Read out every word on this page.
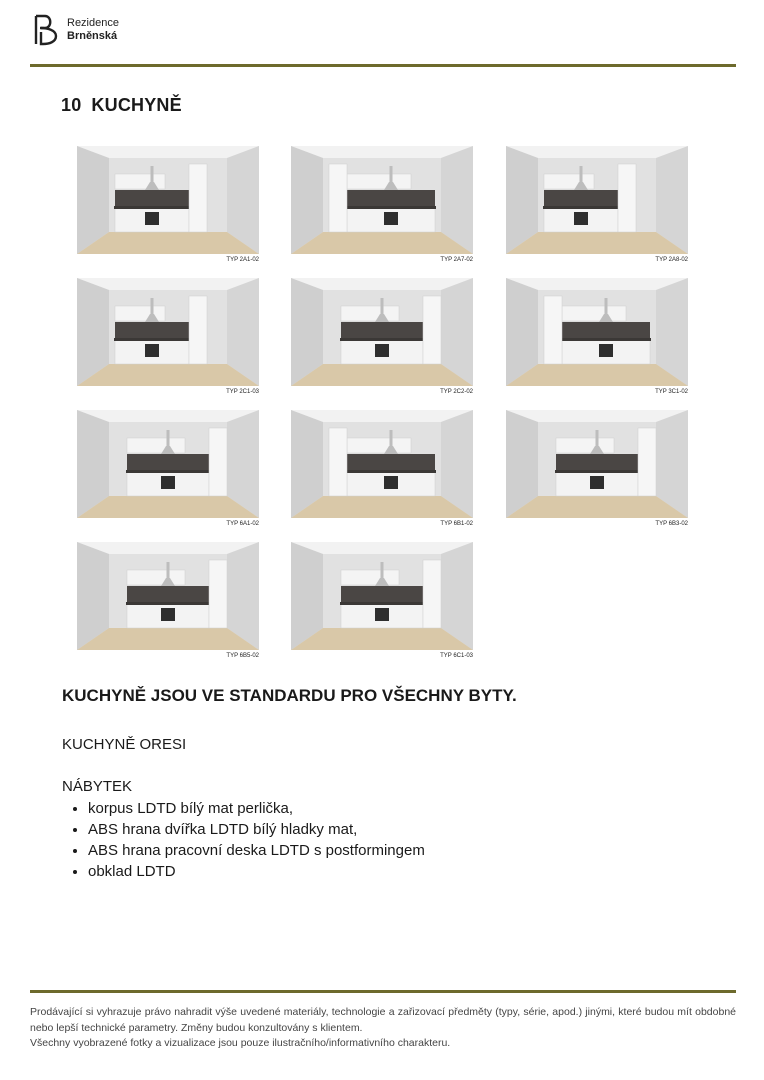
Rezidence
Brněnská
10 KUCHYNĚ
TYP 2A1-02	TYP 2A7-02	TYP 2A8-02
TYP 2C1-03	TYP 2C2-02	TYP 3C1-02
TYP 6A1-02	TYP 6B1-02	TYP 6B3-02
TYP 6B5-02	TYP 6C1-03
KUCHYNĚ JSOU VE STANDARDU PRO VŠECHNY BYTY.
KUCHYNĚ ORESI
NÁBYTEK
• korpus LDTD bílý mat perlička,
• ABS hrana dvířka LDTD bílý hladky mat,
• ABS hrana pracovní deska LDTD s postformingem
• obklad LDTD

Prodávající si vyhrazuje právo nahradit výše uvedené materiály, technologie a zařizovací předměty (typy, série, apod.) jinými, které budou mít obdobné nebo lepší technické parametry. Změny budou konzultovány s klientem.

Všechny vyobrazené fotky a vizualizace jsou pouze ilustračního/informativního charakteru.
